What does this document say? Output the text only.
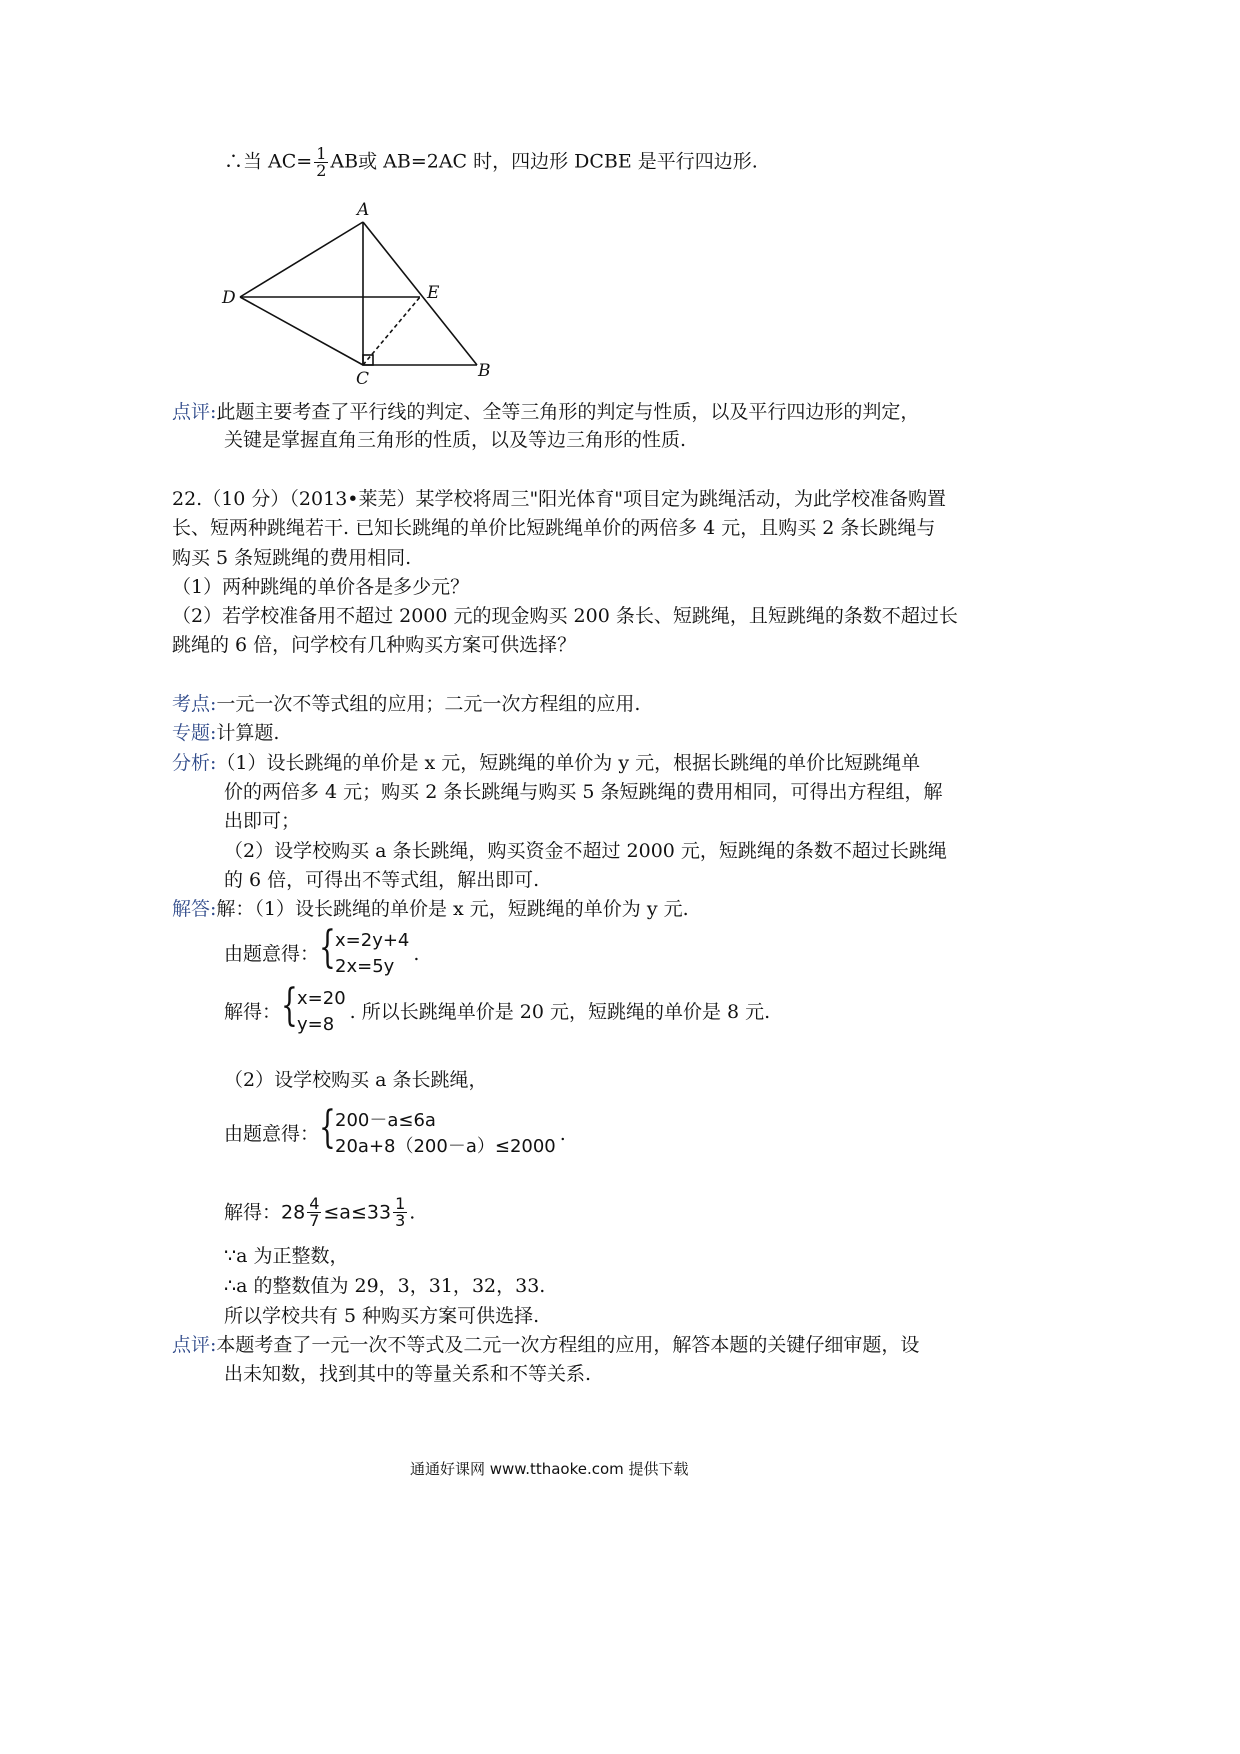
∴当 $AC= \frac{1}{2}$ AB或 AB=2AC 时，四边形 DCBE 是平行四边形.
A
D	E
C	B
点评:此题主要考查了平行线的判定、全等三角形的判定与性质，以及平行四边形的判定，
关键是掌握直角三角形的性质，以及等边三角形的性质.
22.（10 分）（2013•莱芜）某学校将周三"阳光体育"项目定为跳绳活动，为此学校准备购置
长、短两种跳绳若干. 已知长跳绳的单价比短跳绳单价的两倍多 4 元，且购买 2 条长跳绳与
购买 5 条短跳绳的费用相同.
（1）两种跳绳的单价各是多少元？
（2）若学校准备用不超过 2000 元的现金购买 200 条长、短跳绳，且短跳绳的条数不超过长
跳绳的 6 倍，问学校有几种购买方案可供选择？
考点:一元一次不等式组的应用；二元一次方程组的应用.
专题:计算题.
分析:（1）设长跳绳的单价是 x 元，短跳绳的单价为 y 元，根据长跳绳的单价比短跳绳单
价的两倍多 4 元；购买 2 条长跳绳与购买 5 条短跳绳的费用相同，可得出方程组，解
出即可；
（2）设学校购买 a 条长跳绳，购买资金不超过 2000 元，短跳绳的条数不超过长跳绳
的 6 倍，可得出不等式组，解出即可.
解答:解：（1）设长跳绳的单价是 x 元，短跳绳的单价为 y 元.
由题意得： { x=2y+4
2x=5y
.
解得： { x=20
y=8
. 所以长跳绳单价是 20 元，短跳绳的单价是 8 元.
（2）设学校购买 a 条长跳绳，
由题意得： { 200－a≤6a
20a+8（200－a）≤2000
.
解得：$28 \frac{4}{7} \le a\le 33 \frac{1}{3}$ .
∵a 为正整数，
∴a 的整数值为 29，3，31，32，33.
所以学校共有 5 种购买方案可供选择.
点评:本题考查了一元一次不等式及二元一次方程组的应用，解答本题的关键仔细审题，设
出未知数，找到其中的等量关系和不等关系.
通通好课网 www.tthaoke.com 提供下载
